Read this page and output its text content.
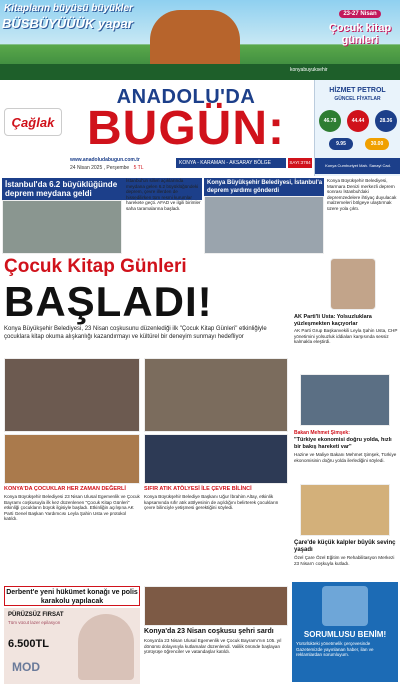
Kitapların büyüsü büyükler
BÜSBÜYÜÜÜK yapar
23-27 Nisan
Çocuk kitap günleri
konyabuyuksehir
Çağlak
ANADOLU'DA
BUGÜN:
www.anadoludabugun.com.tr
24 Nisan 2025 , Perşembe 5 TL
KONYA - KARAMAN - AKSARAY BÖLGE GAZETESİ
SAYI:3784
HİZMET PETROL
GÜNCEL FİYATLAR
46.78	44.44	28.36
9.95	30.00
Konya Cumhuriyet Mah. Sanayi Cad.
İstanbul'da 6.2 büyüklüğünde deprem meydana geldi
İstanbul'un silivri açıklarında meydana gelen 6.2 büyüklüğündeki deprem, çevre illerden de hissedilirken tüm resmi kurumlar harekete geçti. AFAD ve ilgili birimler saha taramalarına başladı.
Konya Büyükşehir Belediyesi, İstanbul'a deprem yardımı gönderdi
Konya Büyükşehir Belediyesi, Marmara Denizi merkezli deprem sonrası İstanbul'daki depremzedelere ihtiyaç duyulacak malzemeleri bölgeye ulaştırmak üzere yola çıktı.
Çocuk Kitap Günleri
BAŞLADI!
Konya Büyükşehir Belediyesi, 23 Nisan coşkusunu düzenlediği ilk "Çocuk Kitap Günleri" etkinliğiyle çocuklara kitap okuma alışkanlığı kazandırmayı ve kültürel bir deneyim sunmayı hedefliyor
KONYA'DA ÇOCUKLAR HER ZAMAN DEĞERLİ
Konya Büyükşehir Belediyesi 23 Nisan Ulusal Egemenlik ve Çocuk Bayramı coşkusuyla ilk kez düzenlenen "Çocuk Kitap Günleri" etkinliği çocukların büyük ilgisiyle başladı. Etkinliğin açılışına AK Parti Genel Başkan Yardımcısı Leyla Şahin Usta ve protokol katıldı.
SIFIR ATIK ATÖLYESİ İLE ÇEVRE BİLİNCİ
Konya Büyükşehir Belediye Başkanı Uğur İbrahim Altay, etkinlik kapsamında sıfır atık atölyesinin de açıldığını belirterek çocukların çevre bilinciyle yetişmesi gerektiğini söyledi.
AK Parti'li Usta: Yolsuzluklara yüzleşmekten kaçıyorlar
AK Parti Grup Başkanvekili Leyla Şahin Usta, CHP yönetimini yolsuzluk iddiaları karşısında sessiz kalmakla eleştirdi.
Bakan Mehmet Şimşek:
"Türkiye ekonomisi doğru yolda, hızlı bir bakış hareketi var"
Hazine ve Maliye Bakanı Mehmet Şimşek, Türkiye ekonomisinin doğru yolda ilerlediğini söyledi.
Çare'de küçük kalpler büyük sevinç yaşadı
Özel Çare Özel Eğitim ve Rehabilitasyon Merkezi 23 Nisan'ı coşkuyla kutladı.
SORUMLUSU BENİM!
Yürürlükteki yönetmelik çerçevesinde Gazetemizde yayınlanan haber, ilan ve reklamlardan sorumluyum.
Derbent'e yeni hükümet konağı ve polis karakolu yapılacak
PÜRÜZSÜZ FIRSAT
Tüm vücut lazer epilasyon
6.500TL
MOD
Konya'da 23 Nisan coşkusu şehri sardı
Konya'da 23 Nisan Ulusal Egemenlik ve Çocuk Bayramı'nın 105. yıl dönümü dolayısıyla kutlamalar düzenlendi. Valilik önünde başlayan yürüyüşe öğrenciler ve vatandaşlar katıldı.
